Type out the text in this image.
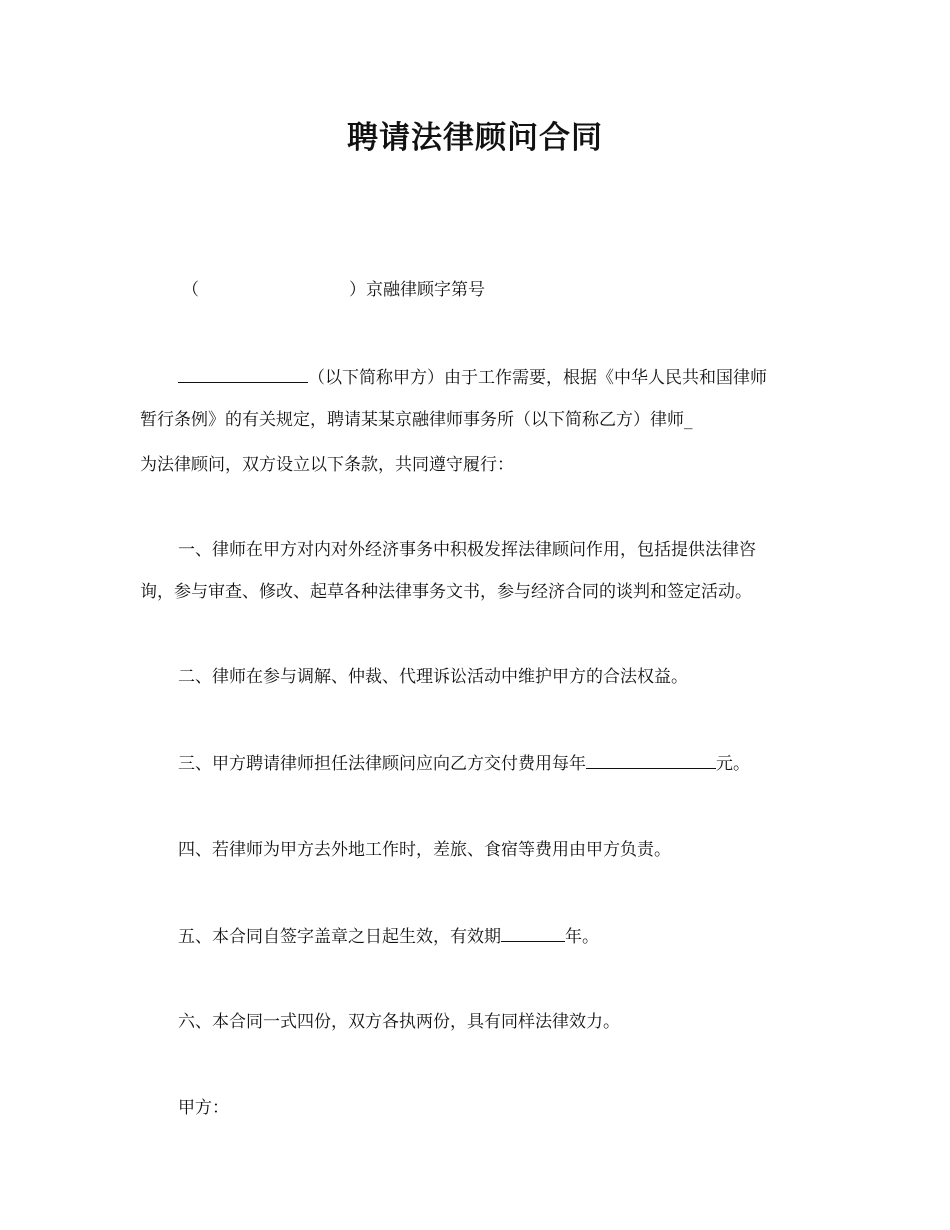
聘请法律顾问合同
（	）京融律顾字第号
（以下简称甲方）由于工作需要，根据《中华人民共和国律师
暂行条例》的有关规定，聘请某某京融律师事务所（以下简称乙方）律师_
为法律顾问，双方设立以下条款，共同遵守履行：
一、律师在甲方对内对外经济事务中积极发挥法律顾问作用，包括提供法律咨
询，参与审查、修改、起草各种法律事务文书，参与经济合同的谈判和签定活动。
二、律师在参与调解、仲裁、代理诉讼活动中维护甲方的合法权益。
三、甲方聘请律师担任法律顾问应向乙方交付费用每年	元。
四、若律师为甲方去外地工作时，差旅、食宿等费用由甲方负责。
五、本合同自签字盖章之日起生效，有效期	年。
六、本合同一式四份，双方各执两份，具有同样法律效力。
甲方：
